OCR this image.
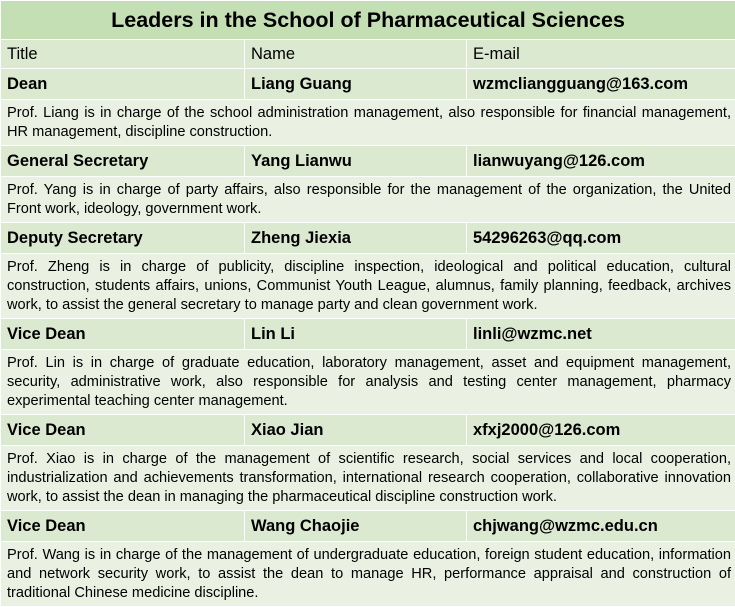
Leaders in the School of Pharmaceutical Sciences		
Title	Name	E-mail
Dean	Liang Guang	wzmcliangguang@163.com
Prof. Liang is in charge of the school administration management, also responsible for financial management, HR management, discipline construction.		
General Secretary	Yang Lianwu	lianwuyang@126.com
Prof. Yang is in charge of party affairs, also responsible for the management of the organization, the United Front work, ideology, government work.		
Deputy Secretary	Zheng Jiexia	54296263@qq.com
Prof. Zheng is in charge of publicity, discipline inspection, ideological and political education, cultural construction, students affairs, unions, Communist Youth League, alumnus, family planning, feedback, archives work, to assist the general secretary to manage party and clean government work.		
Vice Dean	Lin Li	linli@wzmc.net
Prof. Lin is in charge of graduate education, laboratory management, asset and equipment management, security, administrative work, also responsible for analysis and testing center management, pharmacy experimental teaching center management.		
Vice Dean	Xiao Jian	xfxj2000@126.com
Prof. Xiao is in charge of the management of scientific research, social services and local cooperation, industrialization and achievements transformation, international research cooperation, collaborative innovation work, to assist the dean in managing the pharmaceutical discipline construction work.		
Vice Dean	Wang Chaojie	chjwang@wzmc.edu.cn
Prof. Wang is in charge of the management of undergraduate education, foreign student education, information and network security work, to assist the dean to manage HR, performance appraisal and construction of traditional Chinese medicine discipline.		
